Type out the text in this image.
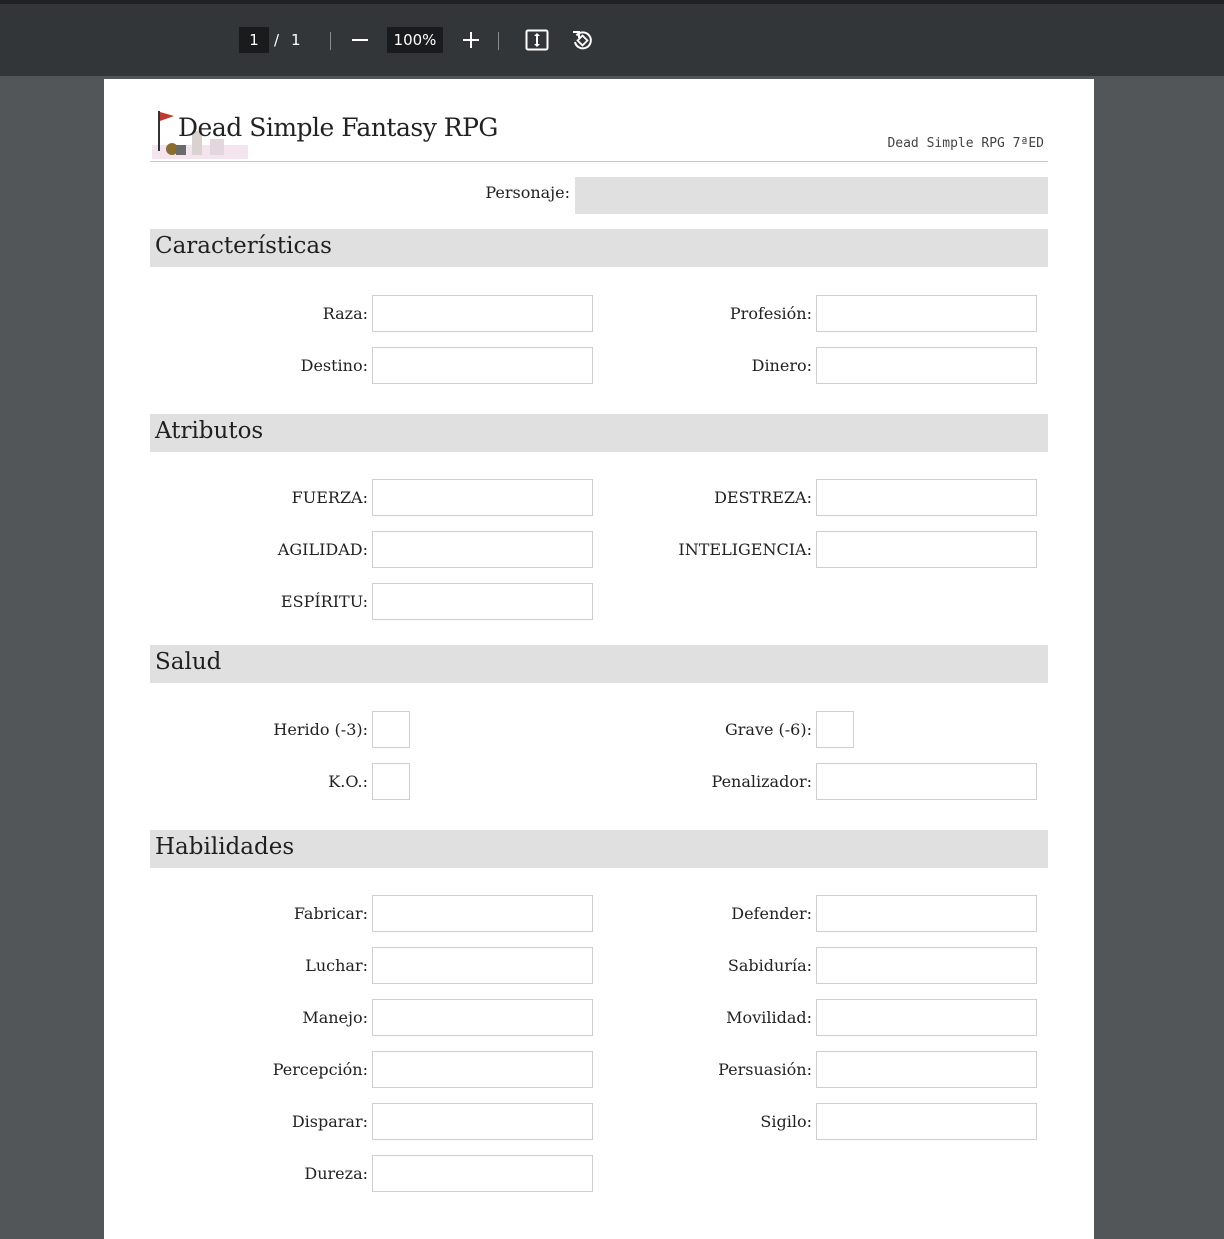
1	/ 1	100%
Dead Simple Fantasy RPG
Dead Simple RPG 7ªED
Personaje:
Características
Raza:	Profesión:
Destino:	Dinero:
Atributos
FUERZA:	DESTREZA:
AGILIDAD:	INTELIGENCIA:
ESPÍRITU:
Salud
Herido (-3):	Grave (-6):
K.O.:	Penalizador:
Habilidades
Fabricar:	Defender:
Luchar:	Sabiduría:
Manejo:	Movilidad:
Percepción:	Persuasión:
Disparar:	Sigilo:
Dureza:
